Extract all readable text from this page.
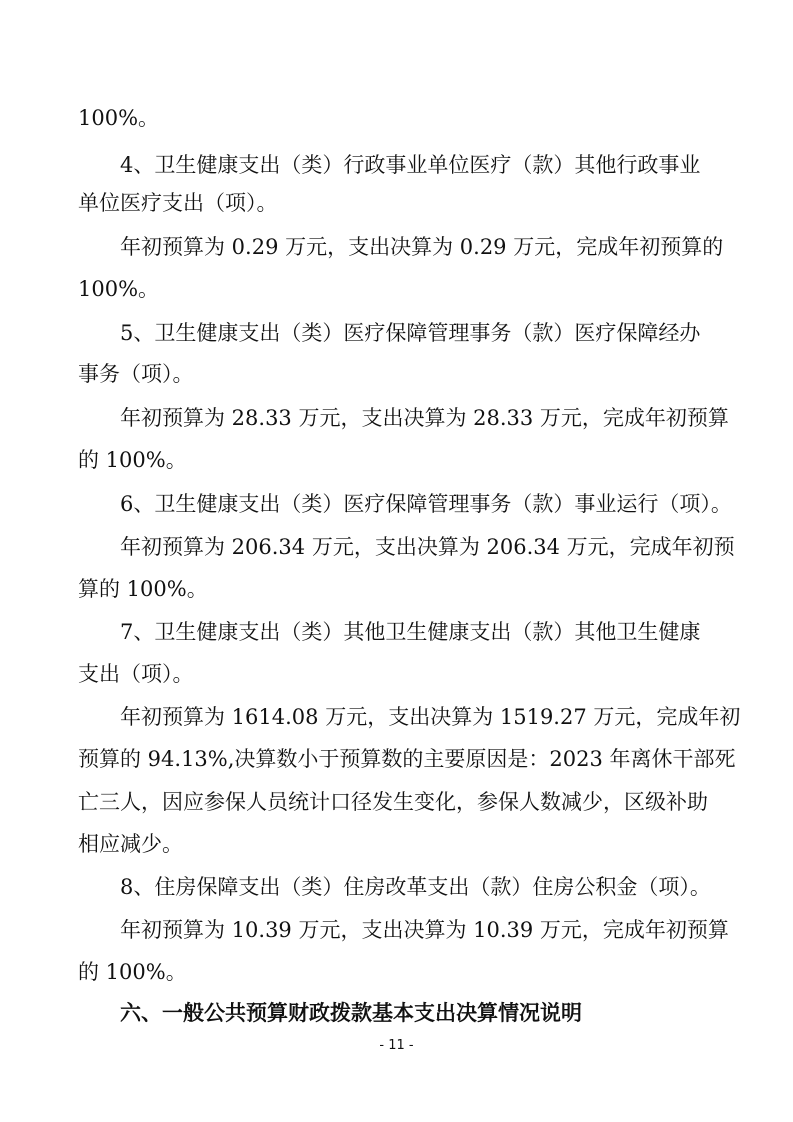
100%。
4、卫生健康支出（类）行政事业单位医疗（款）其他行政事业
单位医疗支出（项）。
年初预算为 0.29 万元，支出决算为 0.29 万元，完成年初预算的
100%。
5、卫生健康支出（类）医疗保障管理事务（款）医疗保障经办
事务（项）。
年初预算为 28.33 万元，支出决算为 28.33 万元，完成年初预算
的 100%。
6、卫生健康支出（类）医疗保障管理事务（款）事业运行（项）。
年初预算为 206.34 万元，支出决算为 206.34 万元，完成年初预
算的 100%。
7、卫生健康支出（类）其他卫生健康支出（款）其他卫生健康
支出（项）。
年初预算为 1614.08 万元，支出决算为 1519.27 万元，完成年初
预算的 94.13%,决算数小于预算数的主要原因是：2023 年离休干部死
亡三人，因应参保人员统计口径发生变化，参保人数减少，区级补助
相应减少。
8、住房保障支出（类）住房改革支出（款）住房公积金（项）。
年初预算为 10.39 万元，支出决算为 10.39 万元，完成年初预算
的 100%。
六、一般公共预算财政拨款基本支出决算情况说明
- 11 -
